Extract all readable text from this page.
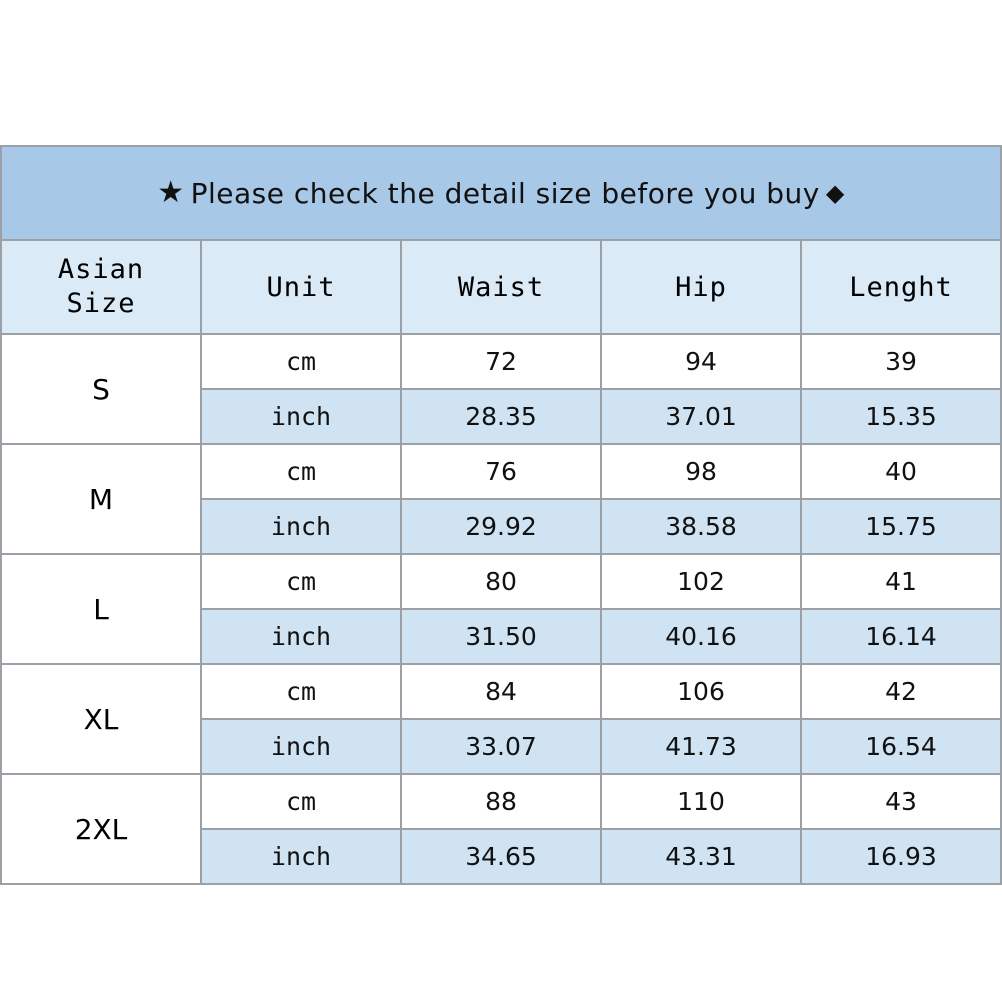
★ Please check the detail size before you buy ◆				

Asian
Size	Unit	Waist	Hip	Lenght
S	cm	72	94	39
	inch	28.35	37.01	15.35
M	cm	76	98	40
	inch	29.92	38.58	15.75
L	cm	80	102	41
	inch	31.50	40.16	16.14
XL	cm	84	106	42
	inch	33.07	41.73	16.54
2XL	cm	88	110	43
	inch	34.65	43.31	16.93
